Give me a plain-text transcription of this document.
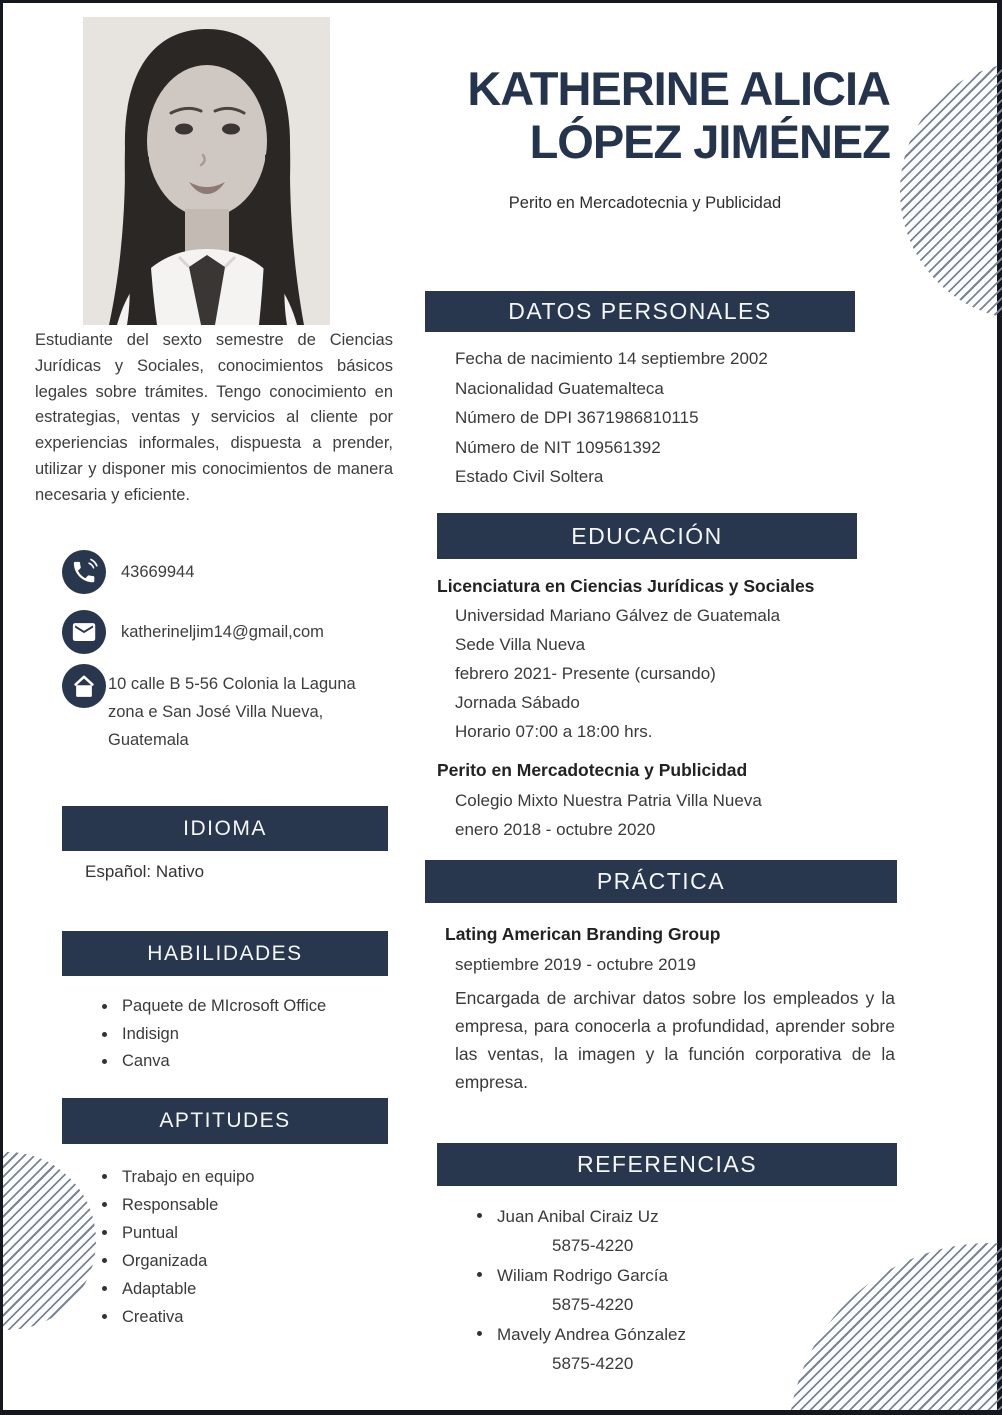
KATHERINE ALICIA
LÓPEZ JIMÉNEZ
Perito en Mercadotecnia y Publicidad
Estudiante del sexto semestre de Ciencias Jurídicas y Sociales, conocimientos básicos legales sobre trámites. Tengo conocimiento en estrategias, ventas y servicios al cliente por experiencias informales, dispuesta a prender, utilizar y disponer mis conocimientos de manera necesaria y eficiente.
43669944
katherineljim14@gmail,com
10 calle B 5-56 Colonia la Laguna zona e San José Villa Nueva, Guatemala
IDIOMA
Español: Nativo
HABILIDADES
Paquete de MIcrosoft Office
Indisign
Canva
APTITUDES
Trabajo en equipo
Responsable
Puntual
Organizada
Adaptable
Creativa
DATOS PERSONALES
Fecha de nacimiento 14 septiembre 2002
Nacionalidad Guatemalteca
Número de DPI 3671986810115
Número de NIT 109561392
Estado Civil Soltera
EDUCACIÓN
Licenciatura en Ciencias Jurídicas y Sociales
Universidad Mariano Gálvez de Guatemala
Sede Villa Nueva
febrero 2021- Presente (cursando)
Jornada Sábado
Horario 07:00 a 18:00 hrs.
Perito en Mercadotecnia y Publicidad
Colegio Mixto Nuestra Patria Villa Nueva
enero 2018 - octubre 2020
PRÁCTICA
Lating American Branding Group
septiembre 2019 - octubre 2019
Encargada de archivar datos sobre los empleados y la empresa, para conocerla a profundidad, aprender sobre las ventas, la imagen y la función corporativa de la empresa.
REFERENCIAS
Juan Anibal Ciraiz Uz
5875-4220
Wiliam Rodrigo García
5875-4220
Mavely Andrea Gónzalez
5875-4220
